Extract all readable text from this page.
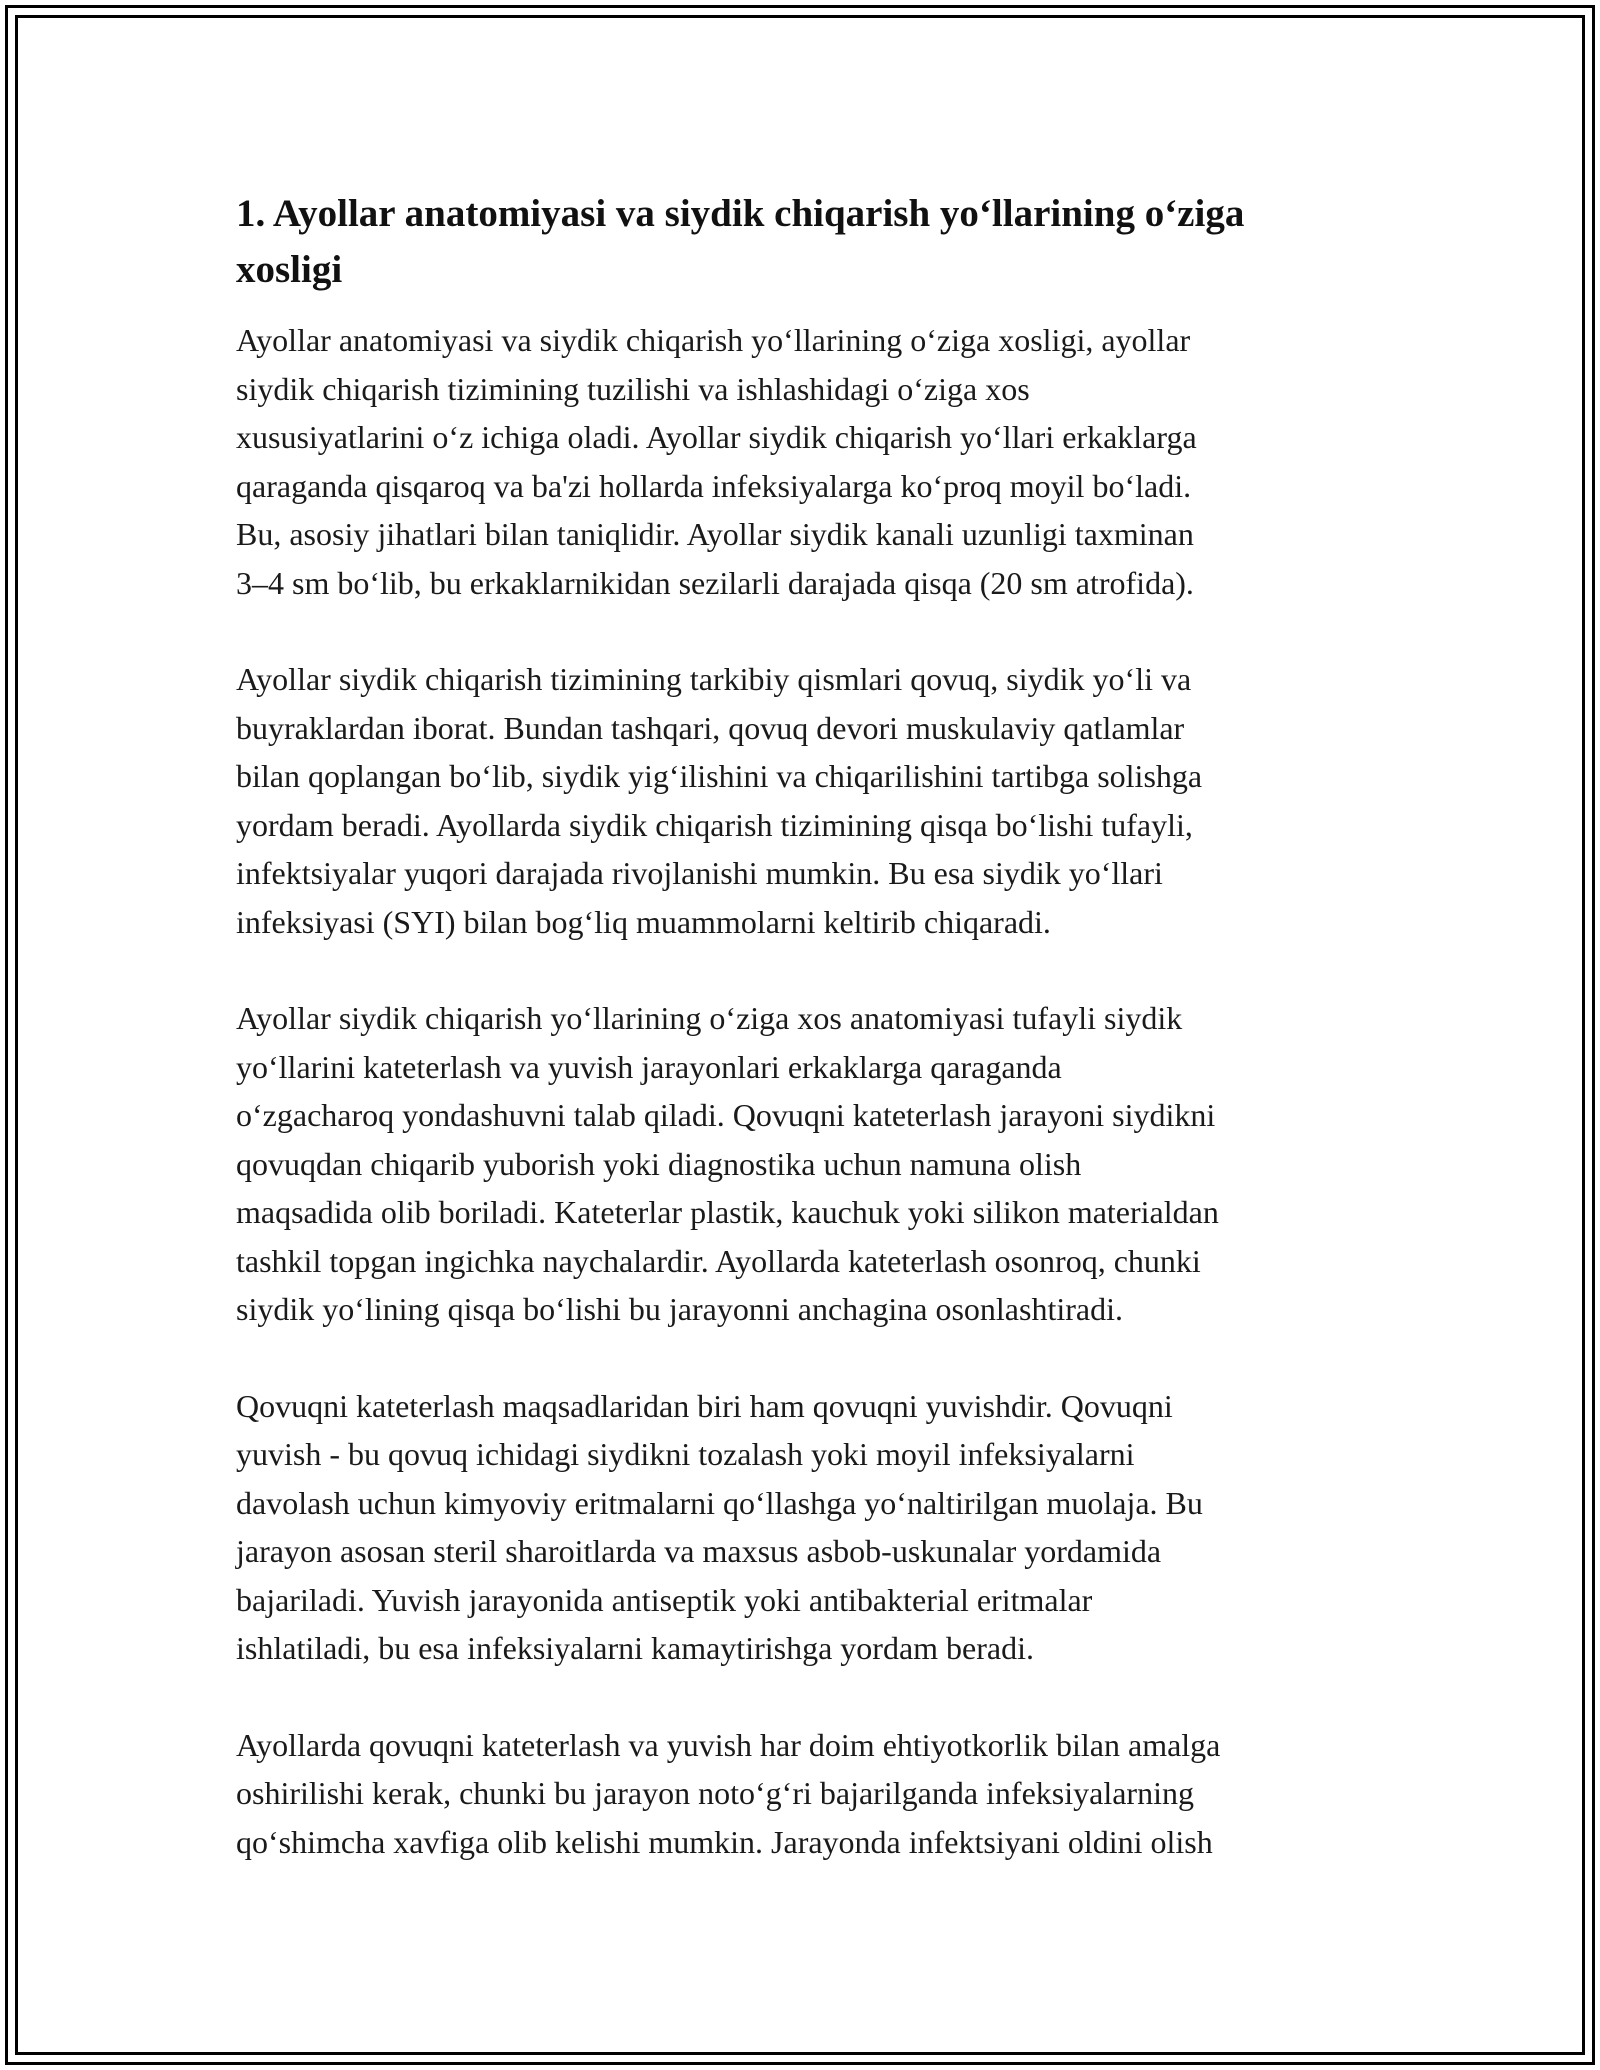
1. Ayollar anatomiyasi va siydik chiqarish yo‘llarining o‘ziga
xosligi

Ayollar anatomiyasi va siydik chiqarish yo‘llarining o‘ziga xosligi, ayollar
siydik chiqarish tizimining tuzilishi va ishlashidagi o‘ziga xos
xususiyatlarini o‘z ichiga oladi. Ayollar siydik chiqarish yo‘llari erkaklarga
qaraganda qisqaroq va ba'zi hollarda infeksiyalarga ko‘proq moyil bo‘ladi.
Bu, asosiy jihatlari bilan taniqlidir. Ayollar siydik kanali uzunligi taxminan
3–4 sm bo‘lib, bu erkaklarnikidan sezilarli darajada qisqa (20 sm atrofida).

Ayollar siydik chiqarish tizimining tarkibiy qismlari qovuq, siydik yo‘li va
buyraklardan iborat. Bundan tashqari, qovuq devori muskulaviy qatlamlar
bilan qoplangan bo‘lib, siydik yig‘ilishini va chiqarilishini tartibga solishga
yordam beradi. Ayollarda siydik chiqarish tizimining qisqa bo‘lishi tufayli,
infektsiyalar yuqori darajada rivojlanishi mumkin. Bu esa siydik yo‘llari
infeksiyasi (SYI) bilan bog‘liq muammolarni keltirib chiqaradi.

Ayollar siydik chiqarish yo‘llarining o‘ziga xos anatomiyasi tufayli siydik
yo‘llarini kateterlash va yuvish jarayonlari erkaklarga qaraganda
o‘zgacharoq yondashuvni talab qiladi. Qovuqni kateterlash jarayoni siydikni
qovuqdan chiqarib yuborish yoki diagnostika uchun namuna olish
maqsadida olib boriladi. Kateterlar plastik, kauchuk yoki silikon materialdan
tashkil topgan ingichka naychalardir. Ayollarda kateterlash osonroq, chunki
siydik yo‘lining qisqa bo‘lishi bu jarayonni anchagina osonlashtiradi.

Qovuqni kateterlash maqsadlaridan biri ham qovuqni yuvishdir. Qovuqni
yuvish - bu qovuq ichidagi siydikni tozalash yoki moyil infeksiyalarni
davolash uchun kimyoviy eritmalarni qo‘llashga yo‘naltirilgan muolaja. Bu
jarayon asosan steril sharoitlarda va maxsus asbob-uskunalar yordamida
bajariladi. Yuvish jarayonida antiseptik yoki antibakterial eritmalar
ishlatiladi, bu esa infeksiyalarni kamaytirishga yordam beradi.

Ayollarda qovuqni kateterlash va yuvish har doim ehtiyotkorlik bilan amalga
oshirilishi kerak, chunki bu jarayon noto‘g‘ri bajarilganda infeksiyalarning
qo‘shimcha xavfiga olib kelishi mumkin. Jarayonda infektsiyani oldini olish
